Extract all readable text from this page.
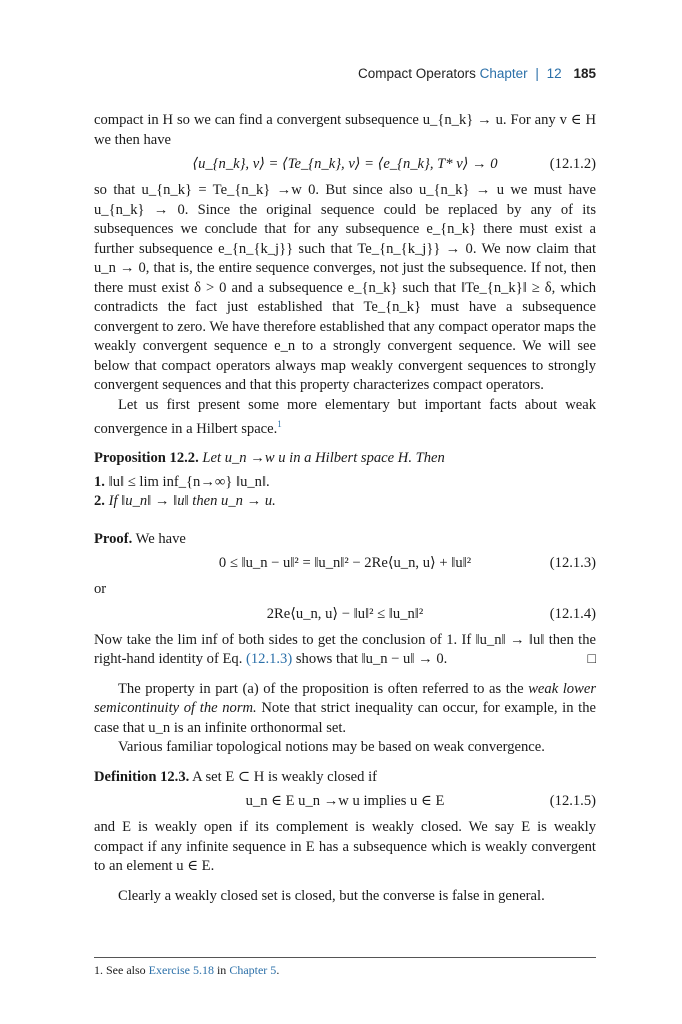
Compact Operators Chapter | 12 185

compact in H so we can find a convergent subsequence u_{n_k} → u. For any v ∈ H we then have

⟨u_{n_k}, v⟩ = ⟨Te_{n_k}, v⟩ = ⟨e_{n_k}, T* v⟩ → 0	(12.1.2)

so that u_{n_k} = Te_{n_k} →w 0. But since also u_{n_k} → u we must have u_{n_k} → 0. Since the original sequence could be replaced by any of its subsequences we conclude that for any subsequence e_{n_k} there must exist a further subsequence e_{n_{k_j}} such that Te_{n_{k_j}} → 0. We now claim that u_n → 0, that is, the entire sequence converges, not just the subsequence. If not, then there must exist δ > 0 and a subsequence e_{n_k} such that ‖Te_{n_k}‖ ≥ δ, which contradicts the fact just established that Te_{n_k} must have a subsequence convergent to zero. We have therefore established that any compact operator maps the weakly convergent sequence e_n to a strongly convergent sequence. We will see below that compact operators always map weakly convergent sequences to strongly convergent sequences and that this property characterizes compact operators.

Let us first present some more elementary but important facts about weak convergence in a Hilbert space.$^1$

Proposition 12.2. Let u_n →w u in a Hilbert space H. Then

1. ‖u‖ ≤ lim inf_{n→∞} ‖u_n‖.
2. If ‖u_n‖ → ‖u‖ then u_n → u.

Proof. We have

0 ≤ ‖u_n − u‖² = ‖u_n‖² − 2Re⟨u_n, u⟩ + ‖u‖²	(12.1.3)

or

2Re⟨u_n, u⟩ − ‖u‖² ≤ ‖u_n‖²	(12.1.4)

Now take the lim inf of both sides to get the conclusion of 1. If ‖u_n‖ → ‖u‖ then the right-hand identity of Eq. (12.1.3) shows that ‖u_n − u‖ → 0.	□

The property in part (a) of the proposition is often referred to as the weak lower semicontinuity of the norm. Note that strict inequality can occur, for example, in the case that u_n is an infinite orthonormal set.

Various familiar topological notions may be based on weak convergence.

Definition 12.3. A set E ⊂ H is weakly closed if

u_n ∈ E u_n →w u implies u ∈ E	(12.1.5)

and E is weakly open if its complement is weakly closed. We say E is weakly compact if any infinite sequence in E has a subsequence which is weakly convergent to an element u ∈ E.

Clearly a weakly closed set is closed, but the converse is false in general.

1. See also Exercise 5.18 in Chapter 5.
